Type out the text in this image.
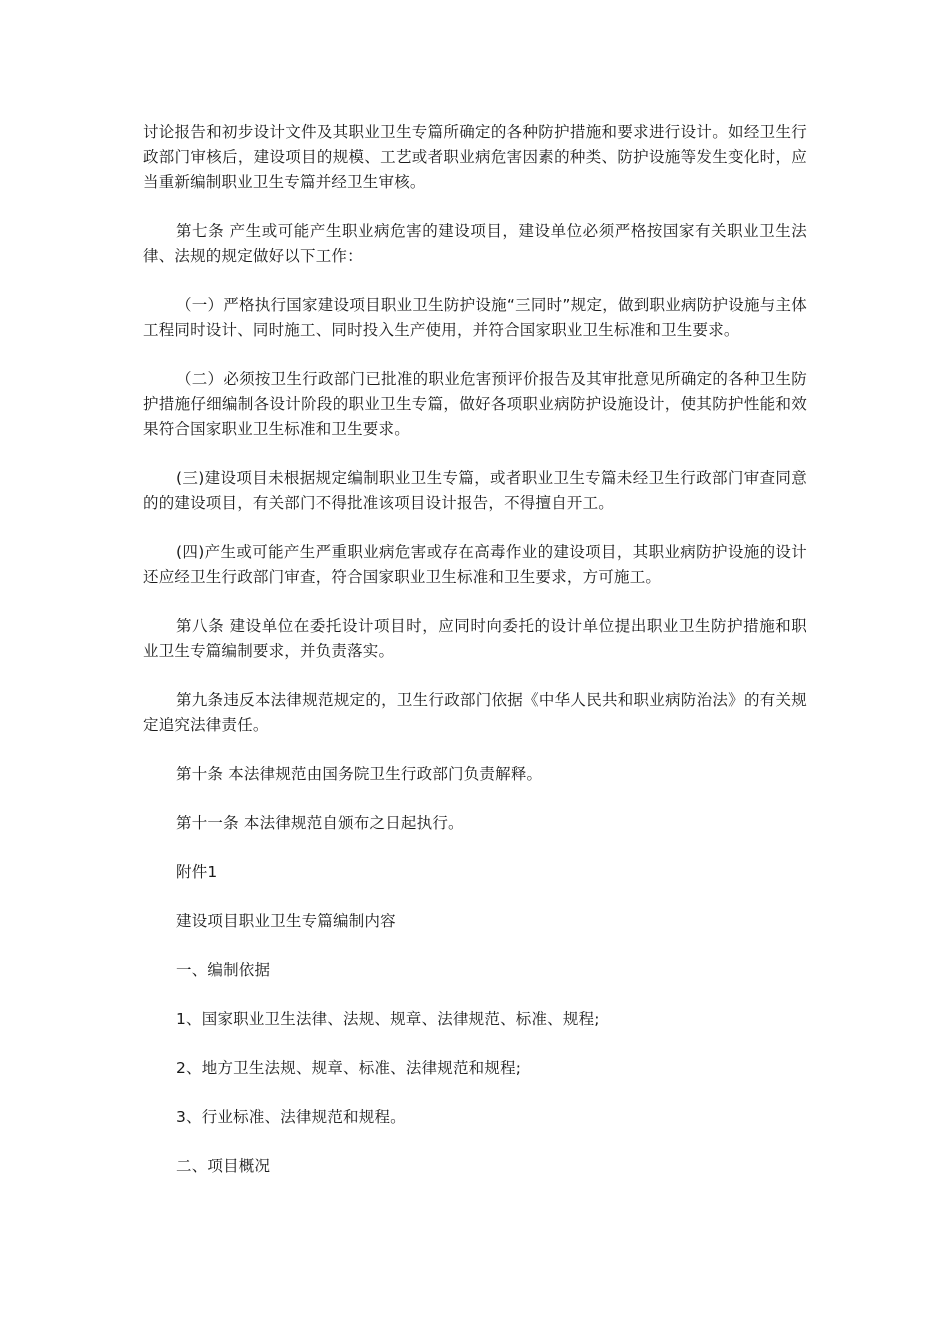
讨论报告和初步设计文件及其职业卫生专篇所确定的各种防护措施和要求进行设计。如经卫生行政部门审核后，建设项目的规模、工艺或者职业病危害因素的种类、防护设施等发生变化时，应当重新编制职业卫生专篇并经卫生审核。

第七条 产生或可能产生职业病危害的建设项目，建设单位必须严格按国家有关职业卫生法律、法规的规定做好以下工作：

（一）严格执行国家建设项目职业卫生防护设施“三同时”规定，做到职业病防护设施与主体工程同时设计、同时施工、同时投入生产使用，并符合国家职业卫生标准和卫生要求。

（二）必须按卫生行政部门已批准的职业危害预评价报告及其审批意见所确定的各种卫生防护措施仔细编制各设计阶段的职业卫生专篇，做好各项职业病防护设施设计，使其防护性能和效果符合国家职业卫生标准和卫生要求。

(三)建设项目未根据规定编制职业卫生专篇，或者职业卫生专篇未经卫生行政部门审查同意的的建设项目，有关部门不得批准该项目设计报告，不得擅自开工。

(四)产生或可能产生严重职业病危害或存在高毒作业的建设项目，其职业病防护设施的设计还应经卫生行政部门审查，符合国家职业卫生标准和卫生要求，方可施工。

第八条 建设单位在委托设计项目时，应同时向委托的设计单位提出职业卫生防护措施和职业卫生专篇编制要求，并负责落实。

第九条违反本法律规范规定的，卫生行政部门依据《中华人民共和职业病防治法》的有关规定追究法律责任。

第十条 本法律规范由国务院卫生行政部门负责解释。

第十一条 本法律规范自颁布之日起执行。

附件1

建设项目职业卫生专篇编制内容

一、编制依据

1、国家职业卫生法律、法规、规章、法律规范、标准、规程;

2、地方卫生法规、规章、标准、法律规范和规程;

3、行业标准、法律规范和规程。

二、项目概况
